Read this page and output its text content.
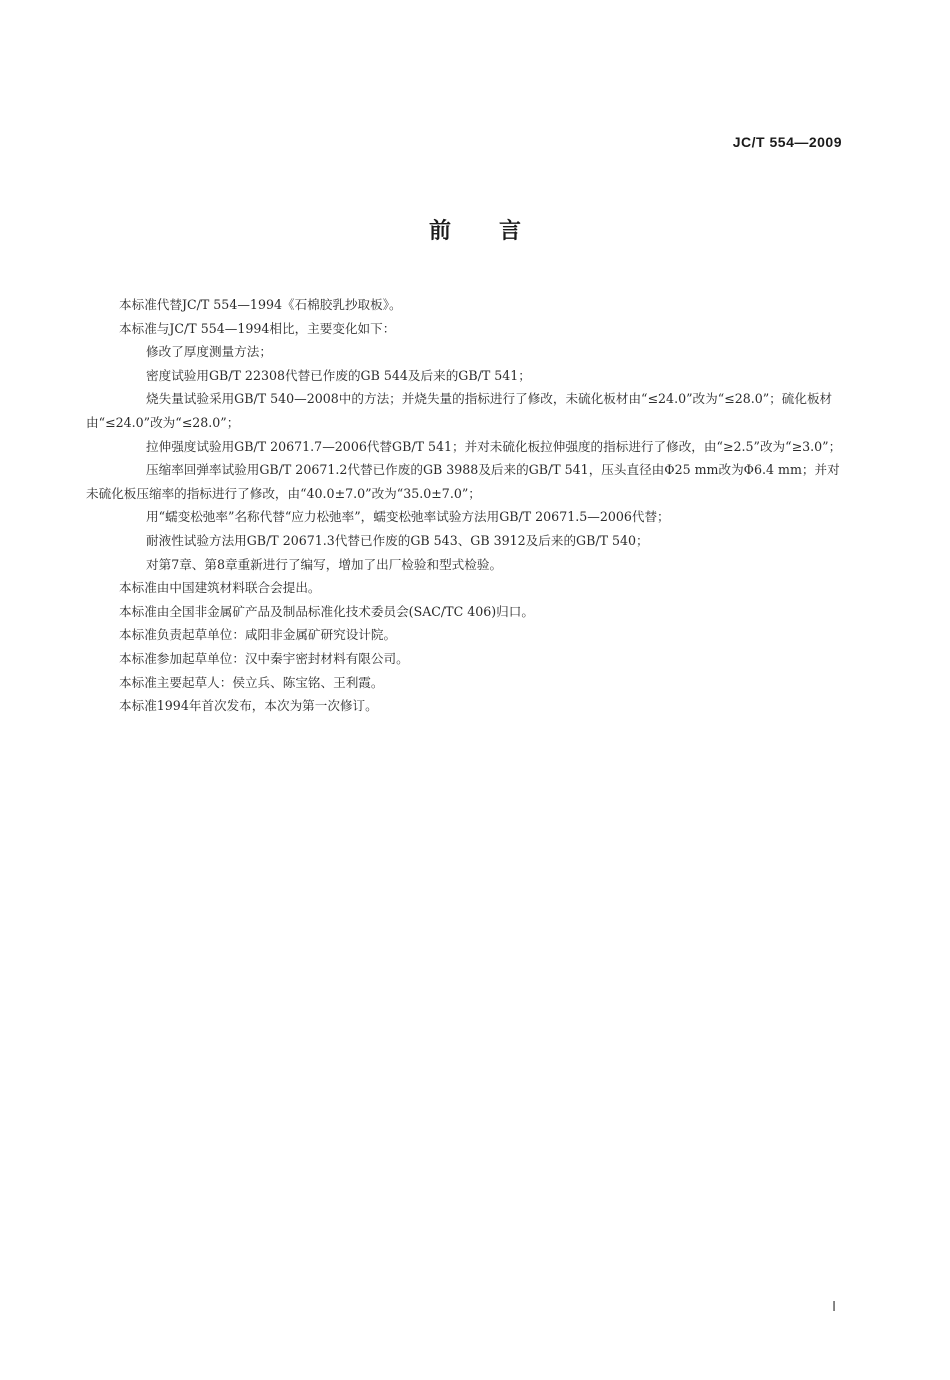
JC/T 554—2009
前言

本标准代替JC/T 554—1994《石棉胶乳抄取板》。

本标准与JC/T 554—1994相比，主要变化如下：

修改了厚度测量方法；

密度试验用GB/T 22308代替已作废的GB 544及后来的GB/T 541；

烧失量试验采用GB/T 540—2008中的方法；并烧失量的指标进行了修改，未硫化板材由“≤24.0”改为“≤28.0”；硫化板材由“≤24.0”改为“≤28.0”；

拉伸强度试验用GB/T 20671.7—2006代替GB/T 541；并对未硫化板拉伸强度的指标进行了修改，由“≥2.5”改为“≥3.0”；

压缩率回弹率试验用GB/T 20671.2代替已作废的GB 3988及后来的GB/T 541，压头直径由Φ25 mm改为Φ6.4 mm；并对未硫化板压缩率的指标进行了修改，由“40.0±7.0”改为“35.0±7.0”；

用“蠕变松弛率”名称代替“应力松弛率”，蠕变松弛率试验方法用GB/T 20671.5—2006代替；

耐液性试验方法用GB/T 20671.3代替已作废的GB 543、GB 3912及后来的GB/T 540；

对第7章、第8章重新进行了编写，增加了出厂检验和型式检验。

本标准由中国建筑材料联合会提出。

本标准由全国非金属矿产品及制品标准化技术委员会(SAC/TC 406)归口。

本标准负责起草单位：咸阳非金属矿研究设计院。

本标准参加起草单位：汉中秦宇密封材料有限公司。

本标准主要起草人：侯立兵、陈宝铭、王利霞。

本标准1994年首次发布，本次为第一次修订。

I
